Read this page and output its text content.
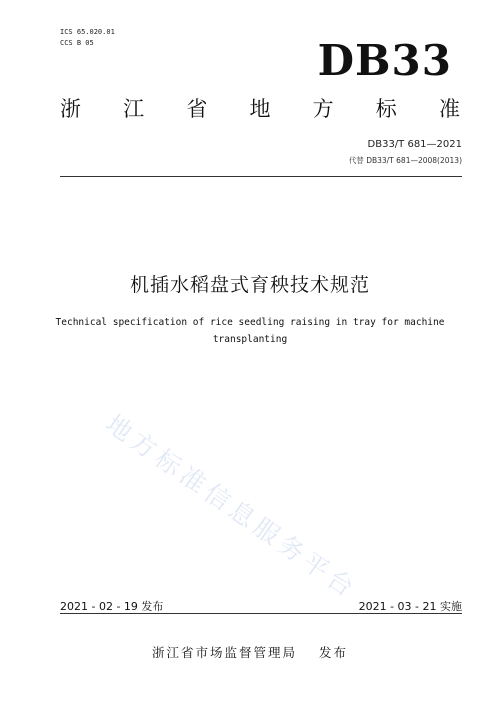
ICS 65.020.01
CCS B 05	DB33
浙 江 省 地 方 标 准
DB33/T 681—2021
代替 DB33/T 681—2008(2013)
机插水稻盘式育秧技术规范
Technical specification of rice seedling raising in tray for machine
transplanting
地方标准信息服务平台
2021 - 02 - 19 发布	2021 - 03 - 21 实施
浙江省市场监督管理局 发布
